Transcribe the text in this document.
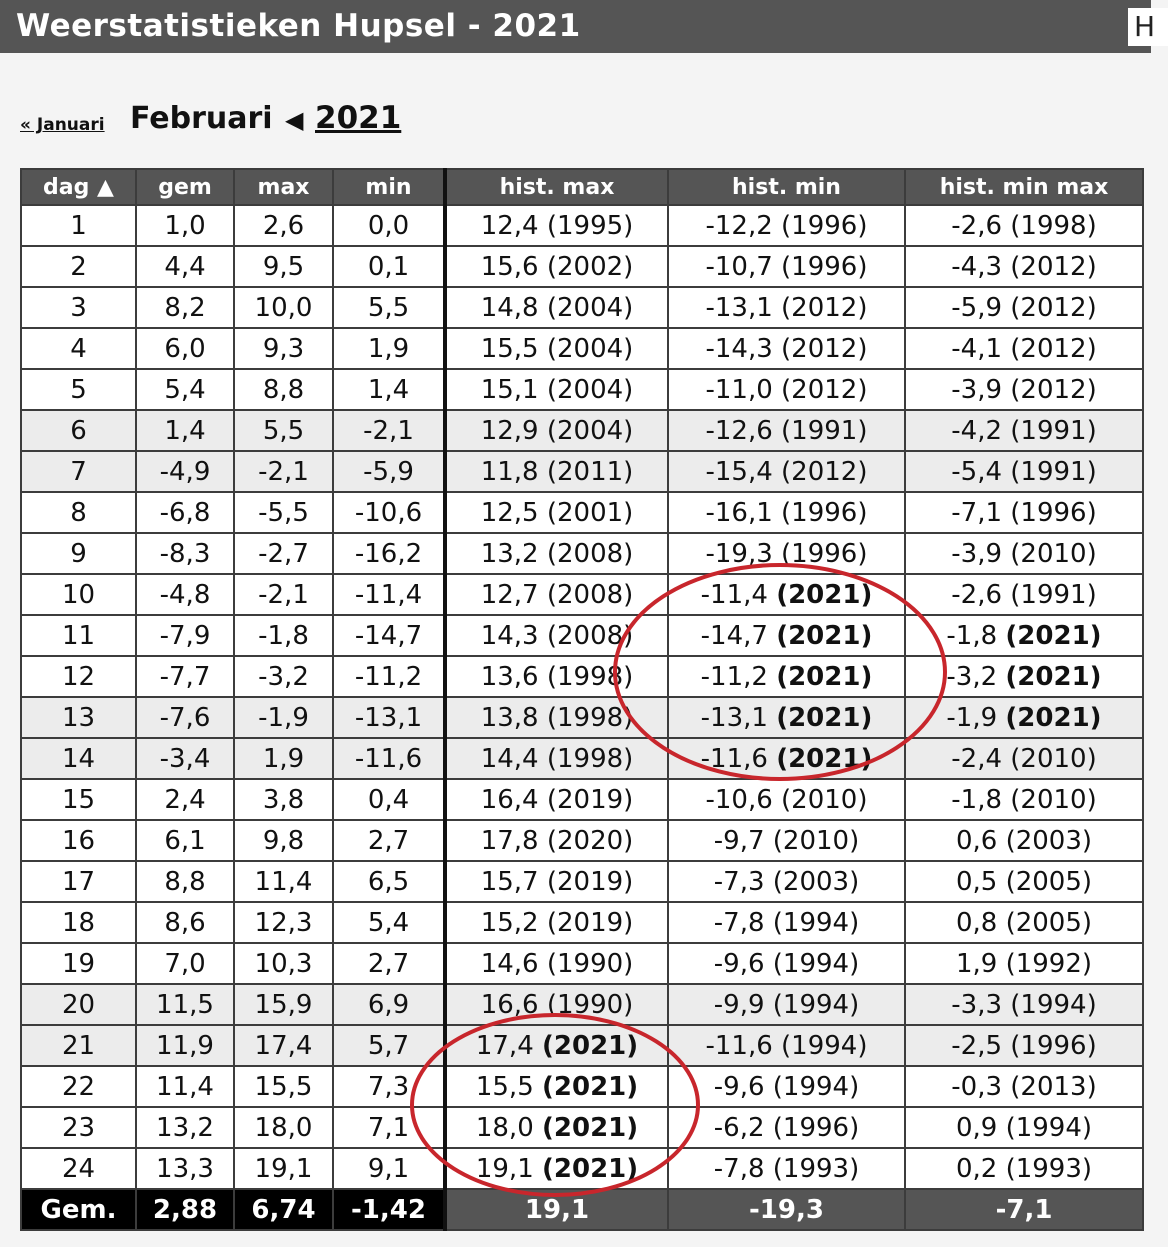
Weerstatistieken Hupsel - 2021	H
« Januari Februari ◀ 2021
dag ▲	gem	max	min	hist. max	hist. min	hist. min max
1	1,0	2,6	0,0	12,4 (1995)	-12,2 (1996)	-2,6 (1998)
2	4,4	9,5	0,1	15,6 (2002)	-10,7 (1996)	-4,3 (2012)
3	8,2	10,0	5,5	14,8 (2004)	-13,1 (2012)	-5,9 (2012)
4	6,0	9,3	1,9	15,5 (2004)	-14,3 (2012)	-4,1 (2012)
5	5,4	8,8	1,4	15,1 (2004)	-11,0 (2012)	-3,9 (2012)
6	1,4	5,5	-2,1	12,9 (2004)	-12,6 (1991)	-4,2 (1991)
7	-4,9	-2,1	-5,9	11,8 (2011)	-15,4 (2012)	-5,4 (1991)
8	-6,8	-5,5	-10,6	12,5 (2001)	-16,1 (1996)	-7,1 (1996)
9	-8,3	-2,7	-16,2	13,2 (2008)	-19,3 (1996)	-3,9 (2010)
10	-4,8	-2,1	-11,4	12,7 (2008)	-11,4 (2021)	-2,6 (1991)
11	-7,9	-1,8	-14,7	14,3 (2008)	-14,7 (2021)	-1,8 (2021)
12	-7,7	-3,2	-11,2	13,6 (1998)	-11,2 (2021)	-3,2 (2021)
13	-7,6	-1,9	-13,1	13,8 (1998)	-13,1 (2021)	-1,9 (2021)
14	-3,4	1,9	-11,6	14,4 (1998)	-11,6 (2021)	-2,4 (2010)
15	2,4	3,8	0,4	16,4 (2019)	-10,6 (2010)	-1,8 (2010)
16	6,1	9,8	2,7	17,8 (2020)	-9,7 (2010)	0,6 (2003)
17	8,8	11,4	6,5	15,7 (2019)	-7,3 (2003)	0,5 (2005)
18	8,6	12,3	5,4	15,2 (2019)	-7,8 (1994)	0,8 (2005)
19	7,0	10,3	2,7	14,6 (1990)	-9,6 (1994)	1,9 (1992)
20	11,5	15,9	6,9	16,6 (1990)	-9,9 (1994)	-3,3 (1994)
21	11,9	17,4	5,7	17,4 (2021)	-11,6 (1994)	-2,5 (1996)
22	11,4	15,5	7,3	15,5 (2021)	-9,6 (1994)	-0,3 (2013)
23	13,2	18,0	7,1	18,0 (2021)	-6,2 (1996)	0,9 (1994)
24	13,3	19,1	9,1	19,1 (2021)	-7,8 (1993)	0,2 (1993)
Gem.	2,88	6,74	-1,42	19,1	-19,3	-7,1
